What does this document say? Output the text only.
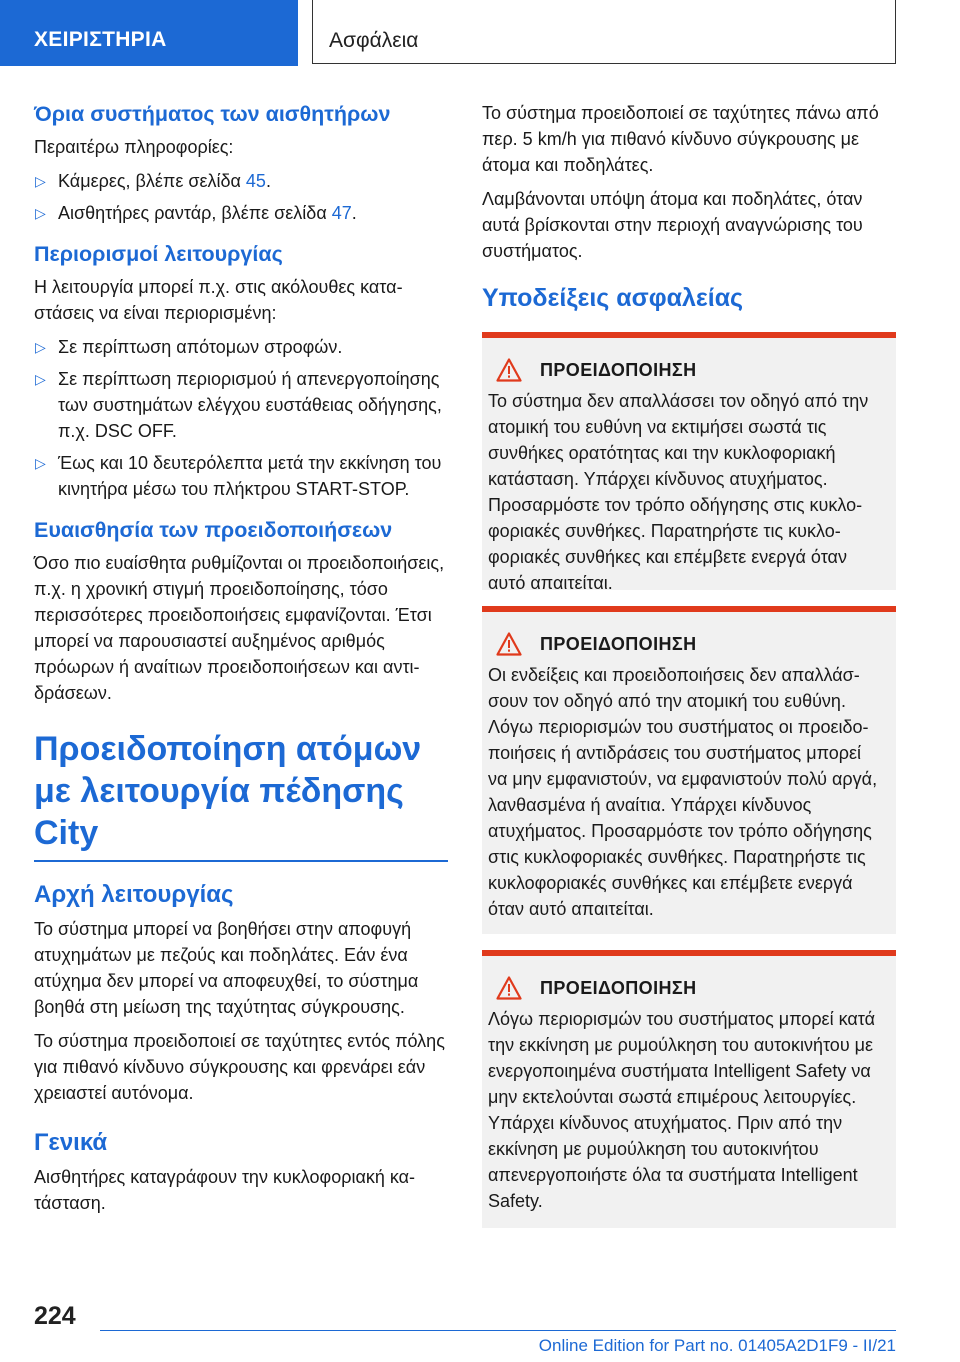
ΧΕΙΡΙΣΤΗΡΙΑ	Ασφάλεια
Όρια συστήματος των αισθητήρων

Περαιτέρω πληροφορίες:

▷ Κάμερες, βλέπε σελίδα 45.
▷ Αισθητήρες ραντάρ, βλέπε σελίδα 47.
Περιορισμοί λειτουργίας

Η λειτουργία μπορεί π.χ. στις ακόλουθες καταστάσεις να είναι περιορισμένη:

▷ Σε περίπτωση απότομων στροφών.
▷ Σε περίπτωση περιορισμού ή απενεργοποίησης των συστημάτων ελέγχου ευστάθειας οδήγησης, π.χ. DSC OFF.
▷ Έως και 10 δευτερόλεπτα μετά την εκκίνηση του κινητήρα μέσω του πλήκτρου START-STOP.
Ευαισθησία των προειδοποιήσεων

Όσο πιο ευαίσθητα ρυθμίζονται οι προειδοποιήσεις, π.χ. η χρονική στιγμή προειδοποίησης, τόσο περισσότερες προειδοποιήσεις εμφανίζονται. Έτσι μπορεί να παρουσιαστεί αυξημένος αριθμός πρόωρων ή αναίτιων προειδοποιήσεων και αντιδράσεων.

Προειδοποίηση ατόμων με λειτουργία πέδησης City
Αρχή λειτουργίας

Το σύστημα μπορεί να βοηθήσει στην αποφυγή ατυχημάτων με πεζούς και ποδηλάτες. Εάν ένα ατύχημα δεν μπορεί να αποφευχθεί, το σύστημα βοηθά στη μείωση της ταχύτητας σύγκρουσης.

Το σύστημα προειδοποιεί σε ταχύτητες εντός πόλης για πιθανό κίνδυνο σύγκρουσης και φρενάρει εάν χρειαστεί αυτόνομα.

Γενικά

Αισθητήρες καταγράφουν την κυκλοφοριακή κατάσταση.

Το σύστημα προειδοποιεί σε ταχύτητες πάνω από περ. 5 km/h για πιθανό κίνδυνο σύγκρουσης με άτομα και ποδηλάτες.

Λαμβάνονται υπόψη άτομα και ποδηλάτες, όταν αυτά βρίσκονται στην περιοχή αναγνώρισης του συστήματος.

Υποδείξεις ασφαλείας
ΠΡΟΕΙΔΟΠΟΙΗΣΗ

Το σύστημα δεν απαλλάσσει τον οδηγό από την ατομική του ευθύνη να εκτιμήσει σωστά τις συνθήκες ορατότητας και την κυκλοφοριακή κατάσταση. Υπάρχει κίνδυνος ατυχήματος. Προσαρμόστε τον τρόπο οδήγησης στις κυκλοφοριακές συνθήκες. Παρατηρήστε τις κυκλοφοριακές συνθήκες και επέμβετε ενεργά όταν αυτό απαιτείται.

ΠΡΟΕΙΔΟΠΟΙΗΣΗ

Οι ενδείξεις και προειδοποιήσεις δεν απαλλάσσουν τον οδηγό από την ατομική του ευθύνη. Λόγω περιορισμών του συστήματος οι προειδοποιήσεις ή αντιδράσεις του συστήματος μπορεί να μην εμφανιστούν, να εμφανιστούν πολύ αργά, λανθασμένα ή αναίτια. Υπάρχει κίνδυνος ατυχήματος. Προσαρμόστε τον τρόπο οδήγησης στις κυκλοφοριακές συνθήκες. Παρατηρήστε τις κυκλοφοριακές συνθήκες και επέμβετε ενεργά όταν αυτό απαιτείται.

ΠΡΟΕΙΔΟΠΟΙΗΣΗ

Λόγω περιορισμών του συστήματος μπορεί κατά την εκκίνηση με ρυμούλκηση του αυτοκινήτου με ενεργοποιημένα συστήματα Intelligent Safety να μην εκτελούνται σωστά επιμέρους λειτουργίες. Υπάρχει κίνδυνος ατυχήματος. Πριν από την εκκίνηση με ρυμούλκηση του αυτοκινήτου απενεργοποιήστε όλα τα συστήματα Intelligent Safety.

224
Online Edition for Part no. 01405A2D1F9 - II/21
